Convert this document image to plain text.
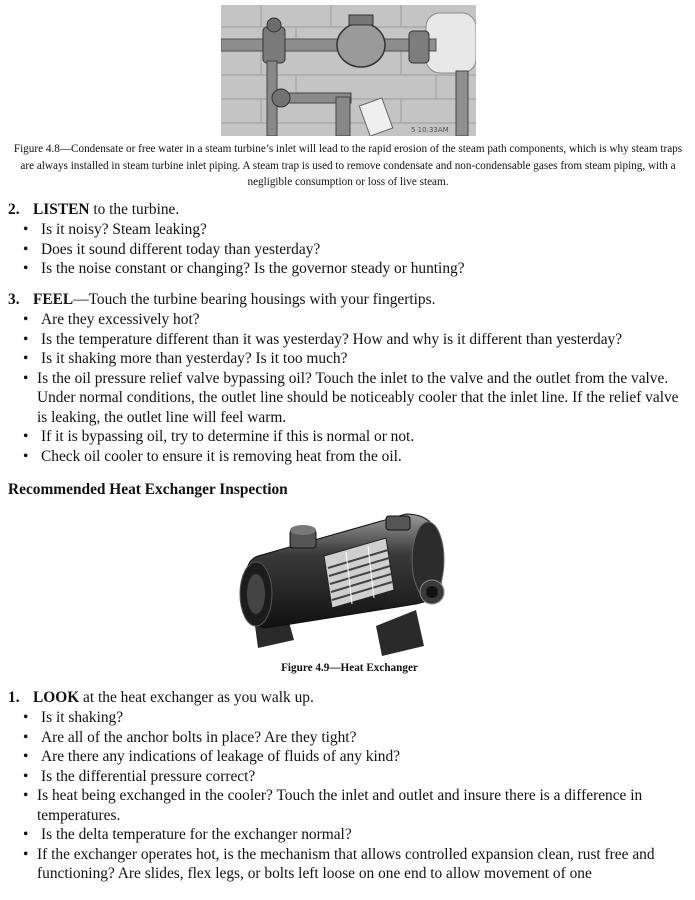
5 10:33AM
Figure 4.8—Condensate or free water in a steam turbine’s inlet will lead to the rapid erosion of the steam path components, which is why steam traps are always installed in steam turbine inlet piping. A steam trap is used to remove condensate and non-condensable gases from steam piping, with a negligible consumption or loss of live steam.

2. LISTEN to the turbine.

• Is it noisy? Steam leaking?
• Does it sound different today than yesterday?
• Is the noise constant or changing? Is the governor steady or hunting?

3. FEEL—Touch the turbine bearing housings with your fingertips.

• Are they excessively hot?
• Is the temperature different than it was yesterday? How and why is it different than yesterday?
• Is it shaking more than yesterday? Is it too much?
• Is the oil pressure relief valve bypassing oil? Touch the inlet to the valve and the outlet from the valve. Under normal conditions, the outlet line should be noticeably cooler that the inlet line. If the relief valve is leaking, the outlet line will feel warm.
• If it is bypassing oil, try to determine if this is normal or not.
• Check oil cooler to ensure it is removing heat from the oil.
Recommended Heat Exchanger Inspection
Figure 4.9—Heat Exchanger

1. LOOK at the heat exchanger as you walk up.

• Is it shaking?
• Are all of the anchor bolts in place? Are they tight?
• Are there any indications of leakage of fluids of any kind?
• Is the differential pressure correct?
• Is heat being exchanged in the cooler? Touch the inlet and outlet and insure there is a difference in temperatures.
• Is the delta temperature for the exchanger normal?
• If the exchanger operates hot, is the mechanism that allows controlled expansion clean, rust free and functioning? Are slides, flex legs, or bolts left loose on one end to allow movement of one
